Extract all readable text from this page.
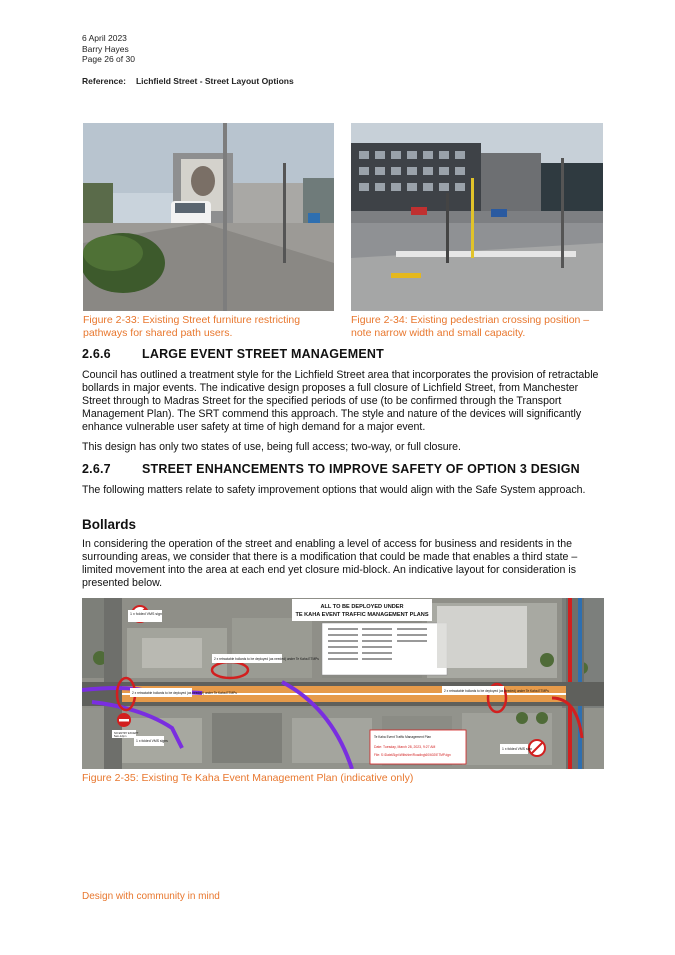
6 April 2023
Barry Hayes
Page 26 of 30
Reference: Lichfield Street - Street Layout Options
Figure 2-33: Existing Street furniture restricting pathways for shared path users.
Figure 2-34: Existing pedestrian crossing position – note narrow width and small capacity.
2.6.6 LARGE EVENT STREET MANAGEMENT

Council has outlined a treatment style for the Lichfield Street area that incorporates the provision of retractable bollards in major events. The indicative design proposes a full closure of Lichfield Street, from Manchester Street through to Madras Street for the specified periods of use (to be confirmed through the Transport Management Plan). The SRT commend this approach. The style and nature of the devices will significantly enhance vulnerable user safety at time of high demand for a major event.

This design has only two states of use, being full access; two-way, or full closure.

2.6.7 STREET ENHANCEMENTS TO IMPROVE SAFETY OF OPTION 3 DESIGN

The following matters relate to safety improvement options that would align with the Safe System approach.

Bollards

In considering the operation of the street and enabling a level of access for business and residents in the surrounding areas, we consider that there is a modification that could be made that enables a third state – limited movement into the area at each end yet closure mid-block. An indicative layout for consideration is presented below.

ALL TO BE DEPLOYED UNDER
TE KAHA EVENT TRAFFIC MANAGEMENT PLANS
1 x folded VMS sign
2 x retractable bollards to be deployed (as needed) under Te Kaha ETMPs
2 x retractable bollards to be deployed (as needed) under Te Kaha ETMPs	2 x retractable bollards to be deployed (as needed) under Te Kaha ETMPs
1 x folded VMS signs
1 x folded VMS sign
NO ENTRY EXCEPT
5am-12pm	Te Kaha Event Traffic Management Plan
Date: Tuesday, March 28, 2023, 9:27 AM
File: S:\Data\Sign\Wiltshire\Roading\60\602\ETMP.dgn
Figure 2-35: Existing Te Kaha Event Management Plan (indicative only)
Design with community in mind
